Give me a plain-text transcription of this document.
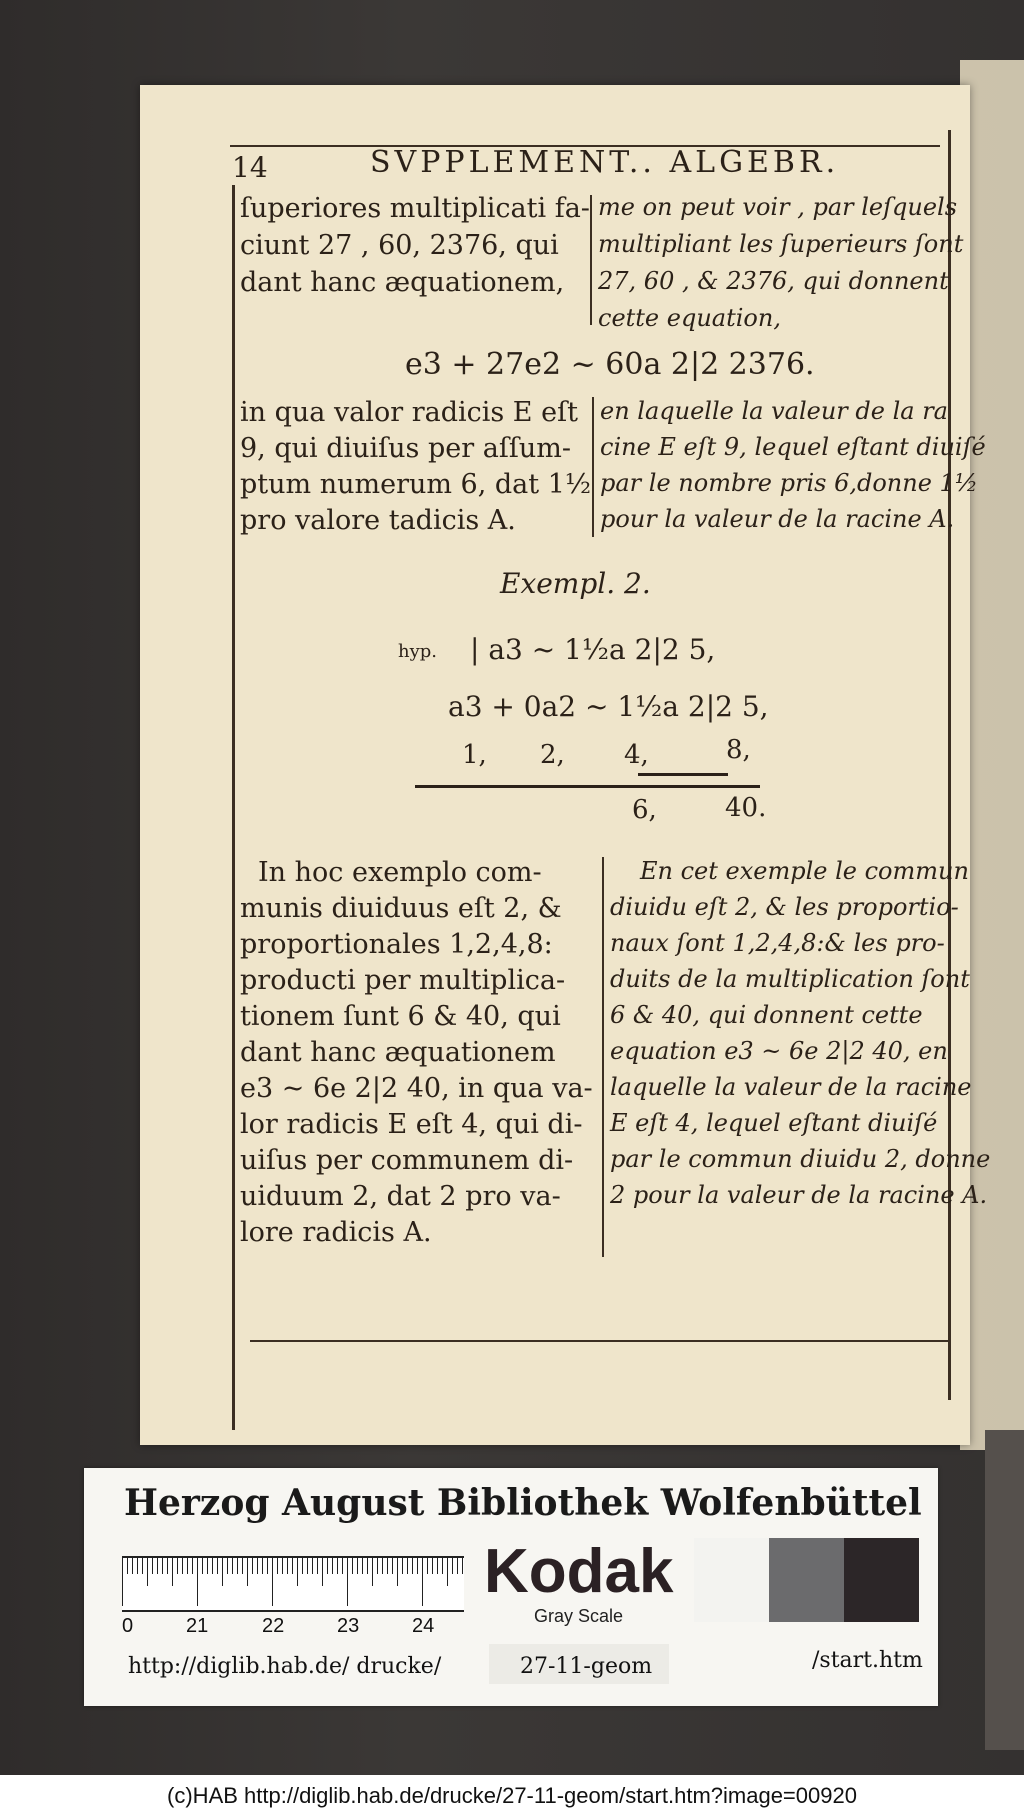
14	SVPPLEMENT.. ALGEBR.
ſuperiores multiplicati fa-
ciunt 27 , 60, 2376, qui
dant hanc æquationem,
me on peut voir , par leſquels
multipliant les ſuperieurs ſont
27, 60 , & 2376, qui donnent
cette equation,
e3 + 27e2 ~ 60a 2|2 2376.
in qua valor radicis E eſt
9, qui diuiſus per aſſum-
ptum numerum 6, dat 1½
pro valore tadicis A.
en laquelle la valeur de la ra
cine E eſt 9, lequel eſtant diuiſé
par le nombre pris 6,donne 1½
pour la valeur de la racine A.
Exempl. 2.
hyp. | a3 ~ 1½a 2|2 5,
a3 + 0a2 ~ 1½a 2|2 5,
1, 2, 4,	8,
6,	40.
In hoc exemplo com-
munis diuiduus eſt 2, &
proportionales 1,2,4,8:
producti per multiplica-
tionem ſunt 6 & 40, qui
dant hanc æquationem
e3 ~ 6e 2|2 40, in qua va-
lor radicis E eſt 4, qui di-
uiſus per communem di-
uiduum 2, dat 2 pro va-
lore radicis A.
En cet exemple le commun
diuidu eſt 2, & les proportio-
naux ſont 1,2,4,8:& les pro-
duits de la multiplication ſont
6 & 40, qui donnent cette
equation e3 ~ 6e 2|2 40, en
laquelle la valeur de la racine
E eſt 4, lequel eſtant diuiſé
par le commun diuidu 2, donne
2 pour la valeur de la racine A.
Herzog August Bibliothek Wolfenbüttel
0	21	22	23	24
Kodak
Gray Scale
http://diglib.hab.de/ drucke/	27-11-geom	/start.htm
(c)HAB http://diglib.hab.de/drucke/27-11-geom/start.htm?image=00920
